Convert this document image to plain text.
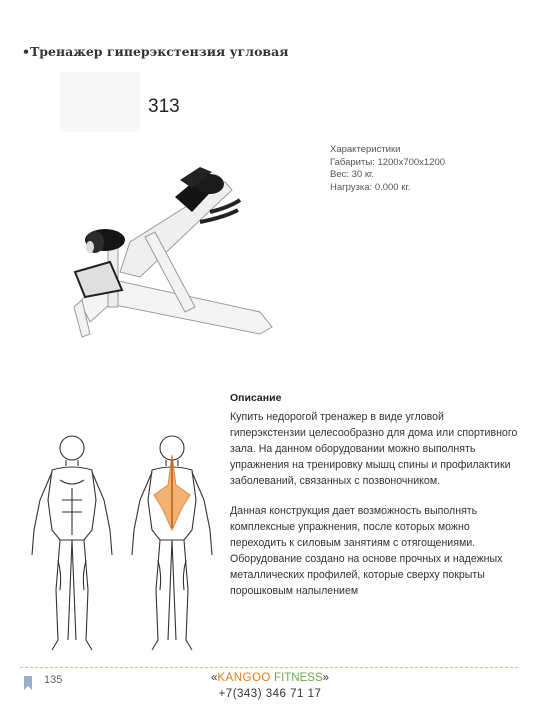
•Тренажер гиперэкстензия угловая
313
Характеристики
Габариты: 1200х700х1200
Вес: 30 кг.
Нагрузка: 0.000 кг.
Описание

Купить недорогой тренажер в виде угловой гиперэкстензии целесообразно для дома или спортивного зала. На данном оборудовании можно выполнять упражнения на тренировку мышц спины и профилактики заболеваний, связанных с позвоночником.

Данная конструкция дает возможность выполнять комплексные упражнения, после которых можно переходить к силовым занятиям с отягощениями. Оборудование создано на основе прочных и надежных металлических профилей, которые сверху покрыты порошковым напылением

135	«KANGOO FITNESS»
+7(343) 346 71 17
